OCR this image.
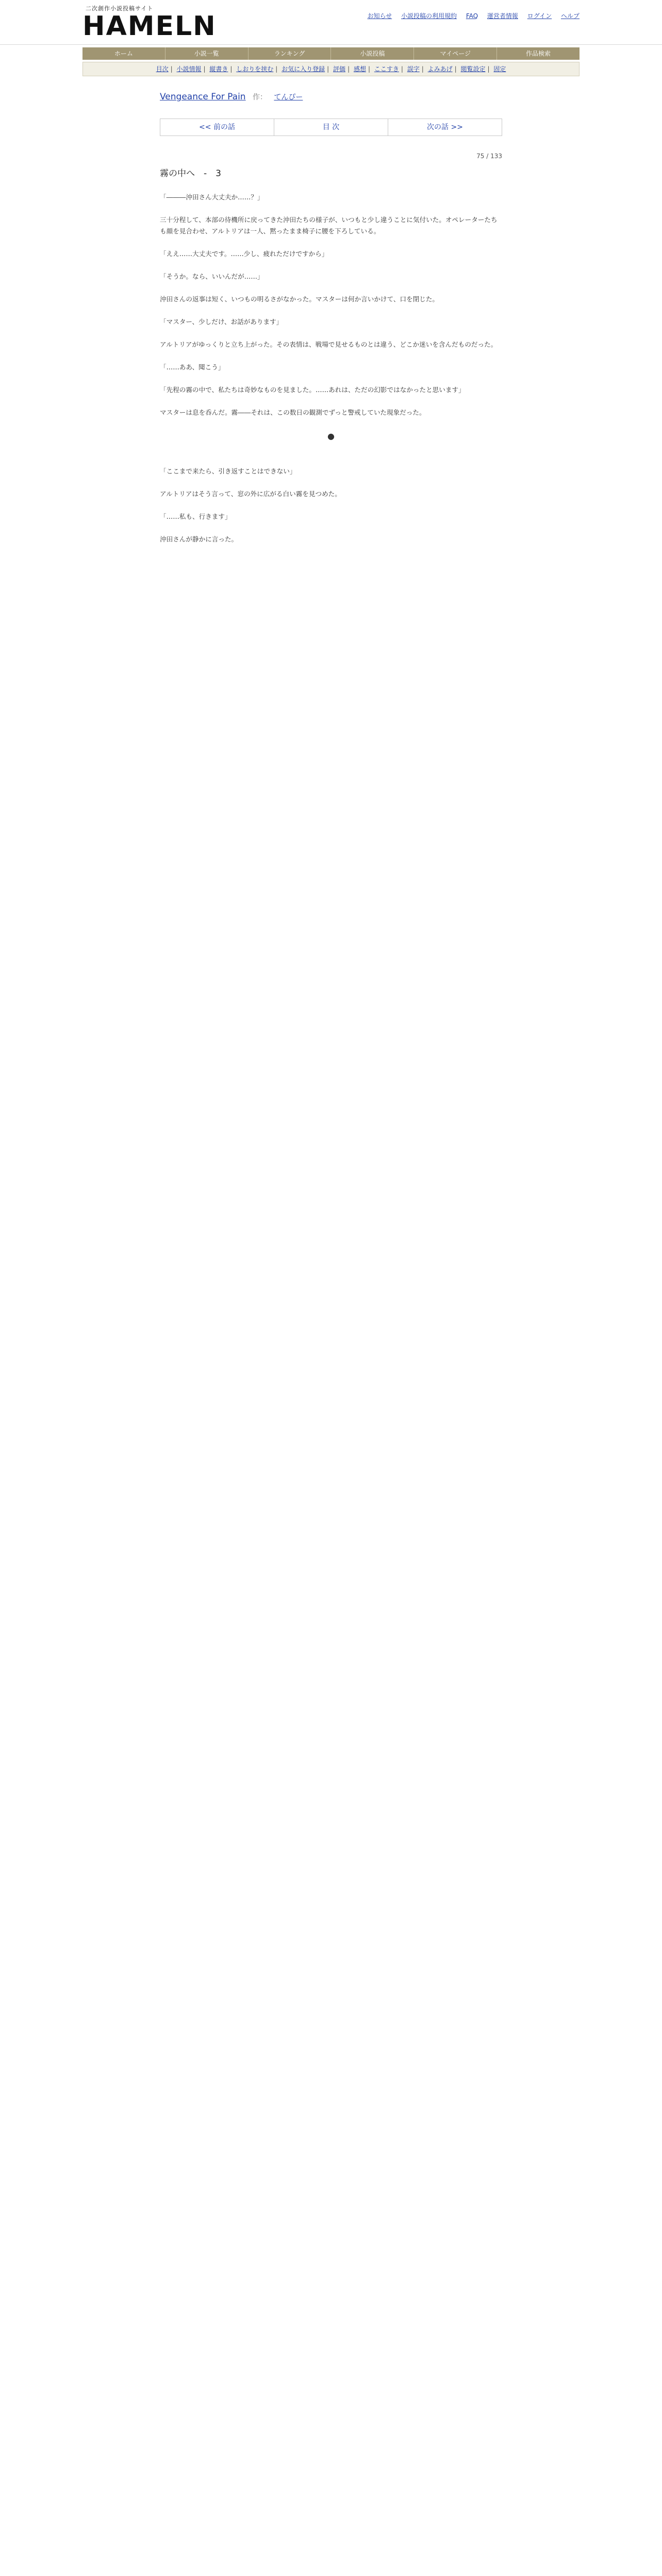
二次創作小説投稿サイト

HAMELN	お知らせ 小説投稿の利用規約 FAQ 運営者情報 ログイン ヘルプ
ホーム	小説一覧	ランキング	小説投稿	マイページ	作品検索
目次 | 小説情報 | 縦書き | しおりを挟む | お気に入り登録 | 評価 | 感想 | ここすき | 誤字 | よみあげ | 閲覧設定 | 固定
Vengeance For Pain 作： てんぴー
<< 前の話	目 次	次の話 >>
75 / 133
霧の中へ　‐　3

「―――沖田さん大丈夫か……？」

三十分程して、本部の待機所に戻ってきた沖田たちの様子が、いつもと少し違うことに気付いた。オペレーターたちも顔を見合わせ、アルトリアは一人、黙ったまま椅子に腰を下ろしている。

「ええ……大丈夫です。……少し、疲れただけですから」

「そうか。なら、いいんだが……」

沖田さんの返事は短く、いつもの明るさがなかった。マスターは何か言いかけて、口を閉じた。

「マスター、少しだけ、お話があります」

アルトリアがゆっくりと立ち上がった。その表情は、戦場で見せるものとは違う、どこか迷いを含んだものだった。

「……ああ、聞こう」

「先程の霧の中で、私たちは奇妙なものを見ました。……あれは、ただの幻影ではなかったと思います」

マスターは息を呑んだ。霧――それは、この数日の観測でずっと警戒していた現象だった。

●

「ここまで来たら、引き返すことはできない」

アルトリアはそう言って、窓の外に広がる白い霧を見つめた。

「……私も、行きます」

沖田さんが静かに言った。
